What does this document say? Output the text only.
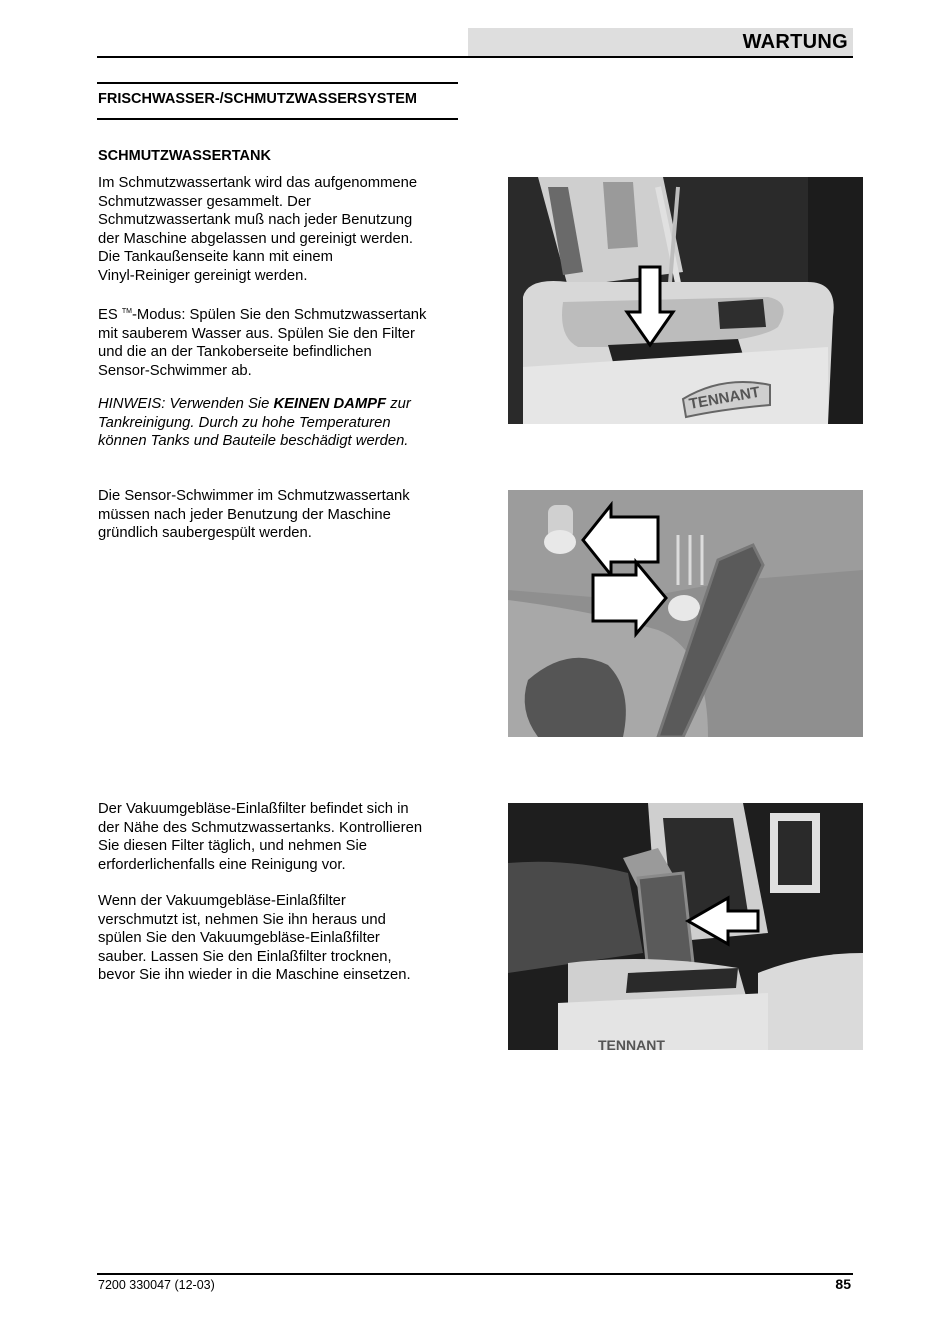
WARTUNG
FRISCHWASSER-/SCHMUTZWASSERSYSTEM
SCHMUTZWASSERTANK

Im Schmutzwassertank wird das aufgenommene

Schmutzwasser gesammelt. Der

Schmutzwassertank muß nach jeder Benutzung

der Maschine abgelassen und gereinigt werden.

Die Tankaußenseite kann mit einem

Vinyl-Reiniger gereinigt werden.

ES ™-Modus: Spülen Sie den Schmutzwassertank

mit sauberem Wasser aus. Spülen Sie den Filter

und die an der Tankoberseite befindlichen

Sensor-Schwimmer ab.

HINWEIS: Verwenden Sie KEINEN DAMPF zur

Tankreinigung. Durch zu hohe Temperaturen

können Tanks und Bauteile beschädigt werden.

Die Sensor-Schwimmer im Schmutzwassertank

müssen nach jeder Benutzung der Maschine

gründlich saubergespült werden.

Der Vakuumgebläse-Einlaßfilter befindet sich in

der Nähe des Schmutzwassertanks. Kontrollieren

Sie diesen Filter täglich, und nehmen Sie

erforderlichenfalls eine Reinigung vor.

Wenn der Vakuumgebläse-Einlaßfilter

verschmutzt ist, nehmen Sie ihn heraus und

spülen Sie den Vakuumgebläse-Einlaßfilter

sauber. Lassen Sie den Einlaßfilter trocknen,

bevor Sie ihn wieder in die Maschine einsetzen.

TENNANT
TENNANT
7200 330047 (12-03)	85
